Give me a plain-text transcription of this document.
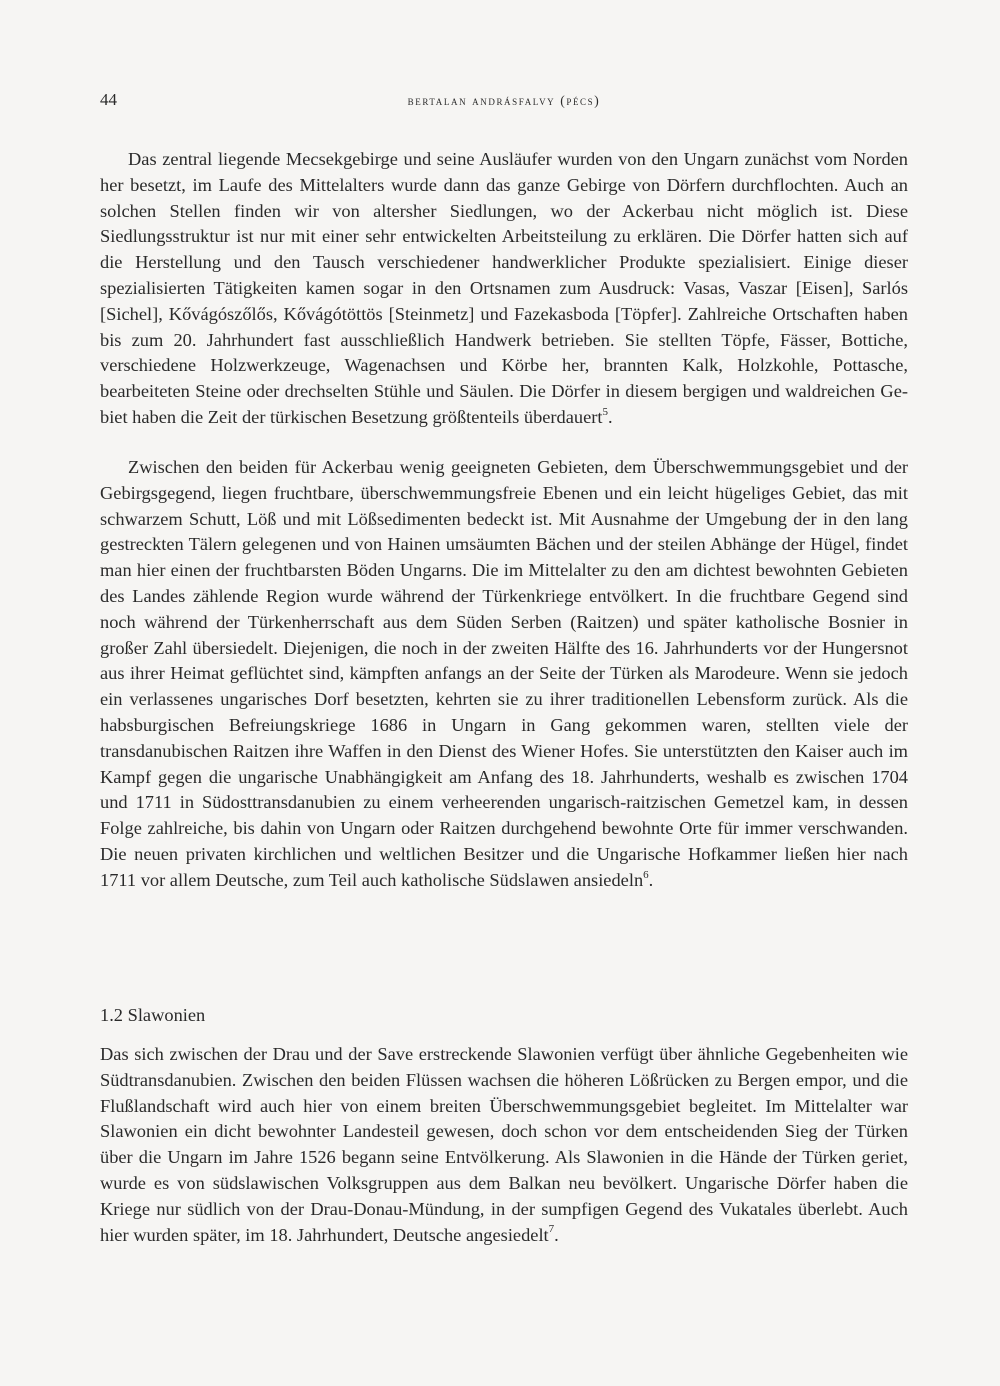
44	bertalan andrásfalvy (pécs)

Das zentral liegende Mecsekgebirge und seine Ausläufer wurden von den Ungarn zunächst vom Norden her besetzt, im Laufe des Mittelalters wurde dann das ganze Gebirge von Dörfern durchflochten. Auch an solchen Stellen finden wir von altersher Siedlungen, wo der Ackerbau nicht möglich ist. Diese Siedlungsstruktur ist nur mit einer sehr entwickelten Arbeitsteilung zu erklären. Die Dörfer hatten sich auf die Herstellung und den Tausch verschiedener handwerklicher Produkte spezialisiert. Einige dieser spezialisierten Tätigkeiten kamen sogar in den Ortsnamen zum Ausdruck: Vasas, Vaszar [Eisen], Sarlós [Sichel], Kővágószőlős, Kővágótöttös [Steinmetz] und Fazekasboda [Töpfer]. Zahlreiche Ortschaften haben bis zum 20. Jahrhundert fast ausschließlich Handwerk betrieben. Sie stellten Töpfe, Fässer, Bottiche, verschiedene Holzwerkzeuge, Wagenachsen und Körbe her, brannten Kalk, Holzkohle, Pottasche, bearbeiteten Steine oder drechselten Stühle und Säulen. Die Dörfer in diesem bergigen und waldreichen Gebiet haben die Zeit der türkischen Besetzung größtenteils überdauert$^5$.

Zwischen den beiden für Ackerbau wenig geeigneten Gebieten, dem Überschwemmungsgebiet und der Gebirgsgegend, liegen fruchtbare, überschwemmungsfreie Ebenen und ein leicht hügeliges Gebiet, das mit schwarzem Schutt, Löß und mit Lößsedimenten bedeckt ist. Mit Ausnahme der Umgebung der in den lang gestreckten Tälern gelegenen und von Hainen umsäumten Bächen und der steilen Abhänge der Hügel, findet man hier einen der fruchtbarsten Böden Ungarns. Die im Mittelalter zu den am dichtest bewohnten Gebieten des Landes zählende Region wurde während der Türkenkriege entvölkert. In die fruchtbare Gegend sind noch während der Türkenherrschaft aus dem Süden Serben (Raitzen) und später katholische Bosnier in großer Zahl übersiedelt. Diejenigen, die noch in der zweiten Hälfte des 16. Jahrhunderts vor der Hungersnot aus ihrer Heimat geflüchtet sind, kämpften anfangs an der Seite der Türken als Marodeure. Wenn sie jedoch ein verlassenes ungarisches Dorf besetzten, kehrten sie zu ihrer traditionellen Lebensform zurück. Als die habsburgischen Befreiungskriege 1686 in Ungarn in Gang gekommen waren, stellten viele der transdanubischen Raitzen ihre Waffen in den Dienst des Wiener Hofes. Sie unterstützten den Kaiser auch im Kampf gegen die ungarische Unabhängigkeit am Anfang des 18. Jahrhunderts, weshalb es zwischen 1704 und 1711 in Südosttransdanubien zu einem verheerenden ungarisch-raitzischen Gemetzel kam, in dessen Folge zahlreiche, bis dahin von Ungarn oder Raitzen durchgehend bewohnte Orte für immer verschwanden. Die neuen privaten kirchlichen und weltlichen Besitzer und die Ungarische Hofkammer ließen hier nach 1711 vor allem Deutsche, zum Teil auch katholische Südslawen ansiedeln$^6$.

1.2 Slawonien

Das sich zwischen der Drau und der Save erstreckende Slawonien verfügt über ähnliche Gegebenheiten wie Südtransdanubien. Zwischen den beiden Flüssen wachsen die höheren Lößrücken zu Bergen empor, und die Flußlandschaft wird auch hier von einem breiten Überschwemmungsgebiet begleitet. Im Mittelalter war Slawonien ein dicht bewohnter Landesteil gewesen, doch schon vor dem entscheidenden Sieg der Türken über die Ungarn im Jahre 1526 begann seine Entvölkerung. Als Slawonien in die Hände der Türken geriet, wurde es von südslawischen Volksgruppen aus dem Balkan neu bevölkert. Ungarische Dörfer haben die Kriege nur südlich von der Drau-Donau-Mündung, in der sumpfigen Gegend des Vukatales überlebt. Auch hier wurden später, im 18. Jahrhundert, Deutsche angesiedelt$^7$.
